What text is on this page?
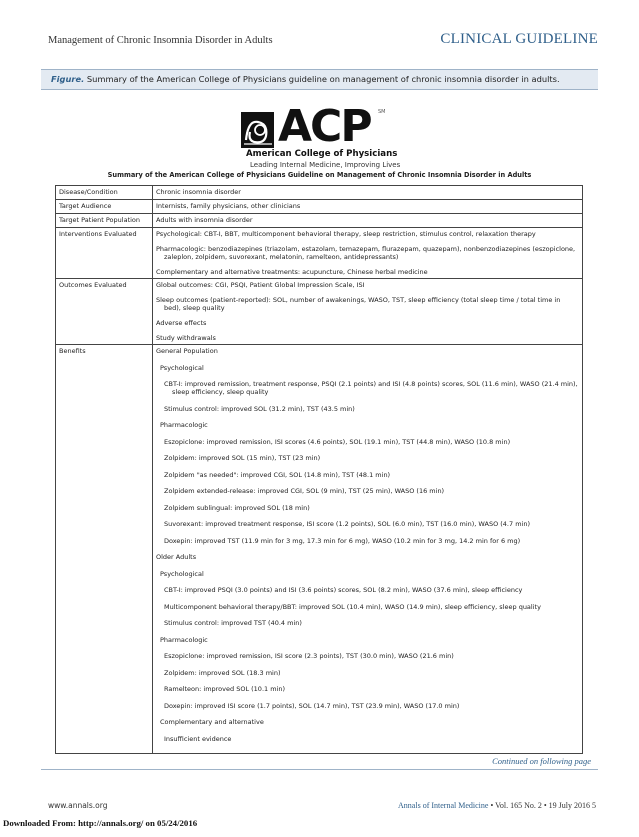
Management of Chronic Insomnia Disorder in Adults	CLINICAL GUIDELINE
Figure. Summary of the American College of Physicians guideline on management of chronic insomnia disorder in adults.
ACP SM
American College of Physicians
Leading Internal Medicine, Improving Lives
Summary of the American College of Physicians Guideline on Management of Chronic Insomnia Disorder in Adults
Disease/Condition	Chronic insomnia disorder
Target Audience	Internists, family physicians, other clinicians
Target Patient Population	Adults with insomnia disorder
Interventions Evaluated	Psychological: CBT-I, BBT, multicomponent behavioral therapy, sleep restriction, stimulus control, relaxation therapy
Pharmacologic: benzodiazepines (triazolam, estazolam, temazepam, flurazepam, quazepam), nonbenzodiazepines (eszopiclone, zaleplon, zolpidem, suvorexant, melatonin, ramelteon, antidepressants)
Complementary and alternative treatments: acupuncture, Chinese herbal medicine
Outcomes Evaluated	Global outcomes: CGI, PSQI, Patient Global Impression Scale, ISI
Sleep outcomes (patient-reported): SOL, number of awakenings, WASO, TST, sleep efficiency (total sleep time / total time in bed), sleep quality
Adverse effects
Study withdrawals
Benefits	General Population
Psychological
CBT-I: improved remission, treatment response, PSQI (2.1 points) and ISI (4.8 points) scores, SOL (11.6 min), WASO (21.4 min), sleep efficiency, sleep quality
Stimulus control: improved SOL (31.2 min), TST (43.5 min)
Pharmacologic
Eszopiclone: improved remission, ISI scores (4.6 points), SOL (19.1 min), TST (44.8 min), WASO (10.8 min)
Zolpidem: improved SOL (15 min), TST (23 min)
Zolpidem "as needed": improved CGI, SOL (14.8 min), TST (48.1 min)
Zolpidem extended-release: improved CGI, SOL (9 min), TST (25 min), WASO (16 min)
Zolpidem sublingual: improved SOL (18 min)
Suvorexant: improved treatment response, ISI score (1.2 points), SOL (6.0 min), TST (16.0 min), WASO (4.7 min)
Doxepin: improved TST (11.9 min for 3 mg, 17.3 min for 6 mg), WASO (10.2 min for 3 mg, 14.2 min for 6 mg)
Older Adults
Psychological
CBT-I: improved PSQI (3.0 points) and ISI (3.6 points) scores, SOL (8.2 min), WASO (37.6 min), sleep efficiency
Multicomponent behavioral therapy/BBT: improved SOL (10.4 min), WASO (14.9 min), sleep efficiency, sleep quality
Stimulus control: improved TST (40.4 min)
Pharmacologic
Eszopiclone: improved remission, ISI score (2.3 points), TST (30.0 min), WASO (21.6 min)
Zolpidem: improved SOL (18.3 min)
Ramelteon: improved SOL (10.1 min)
Doxepin: improved ISI score (1.7 points), SOL (14.7 min), TST (23.9 min), WASO (17.0 min)
Complementary and alternative
Insufficient evidence
Continued on following page
www.annals.org	Annals of Internal Medicine • Vol. 165 No. 2 • 19 July 2016 5
Downloaded From: http://annals.org/ on 05/24/2016
